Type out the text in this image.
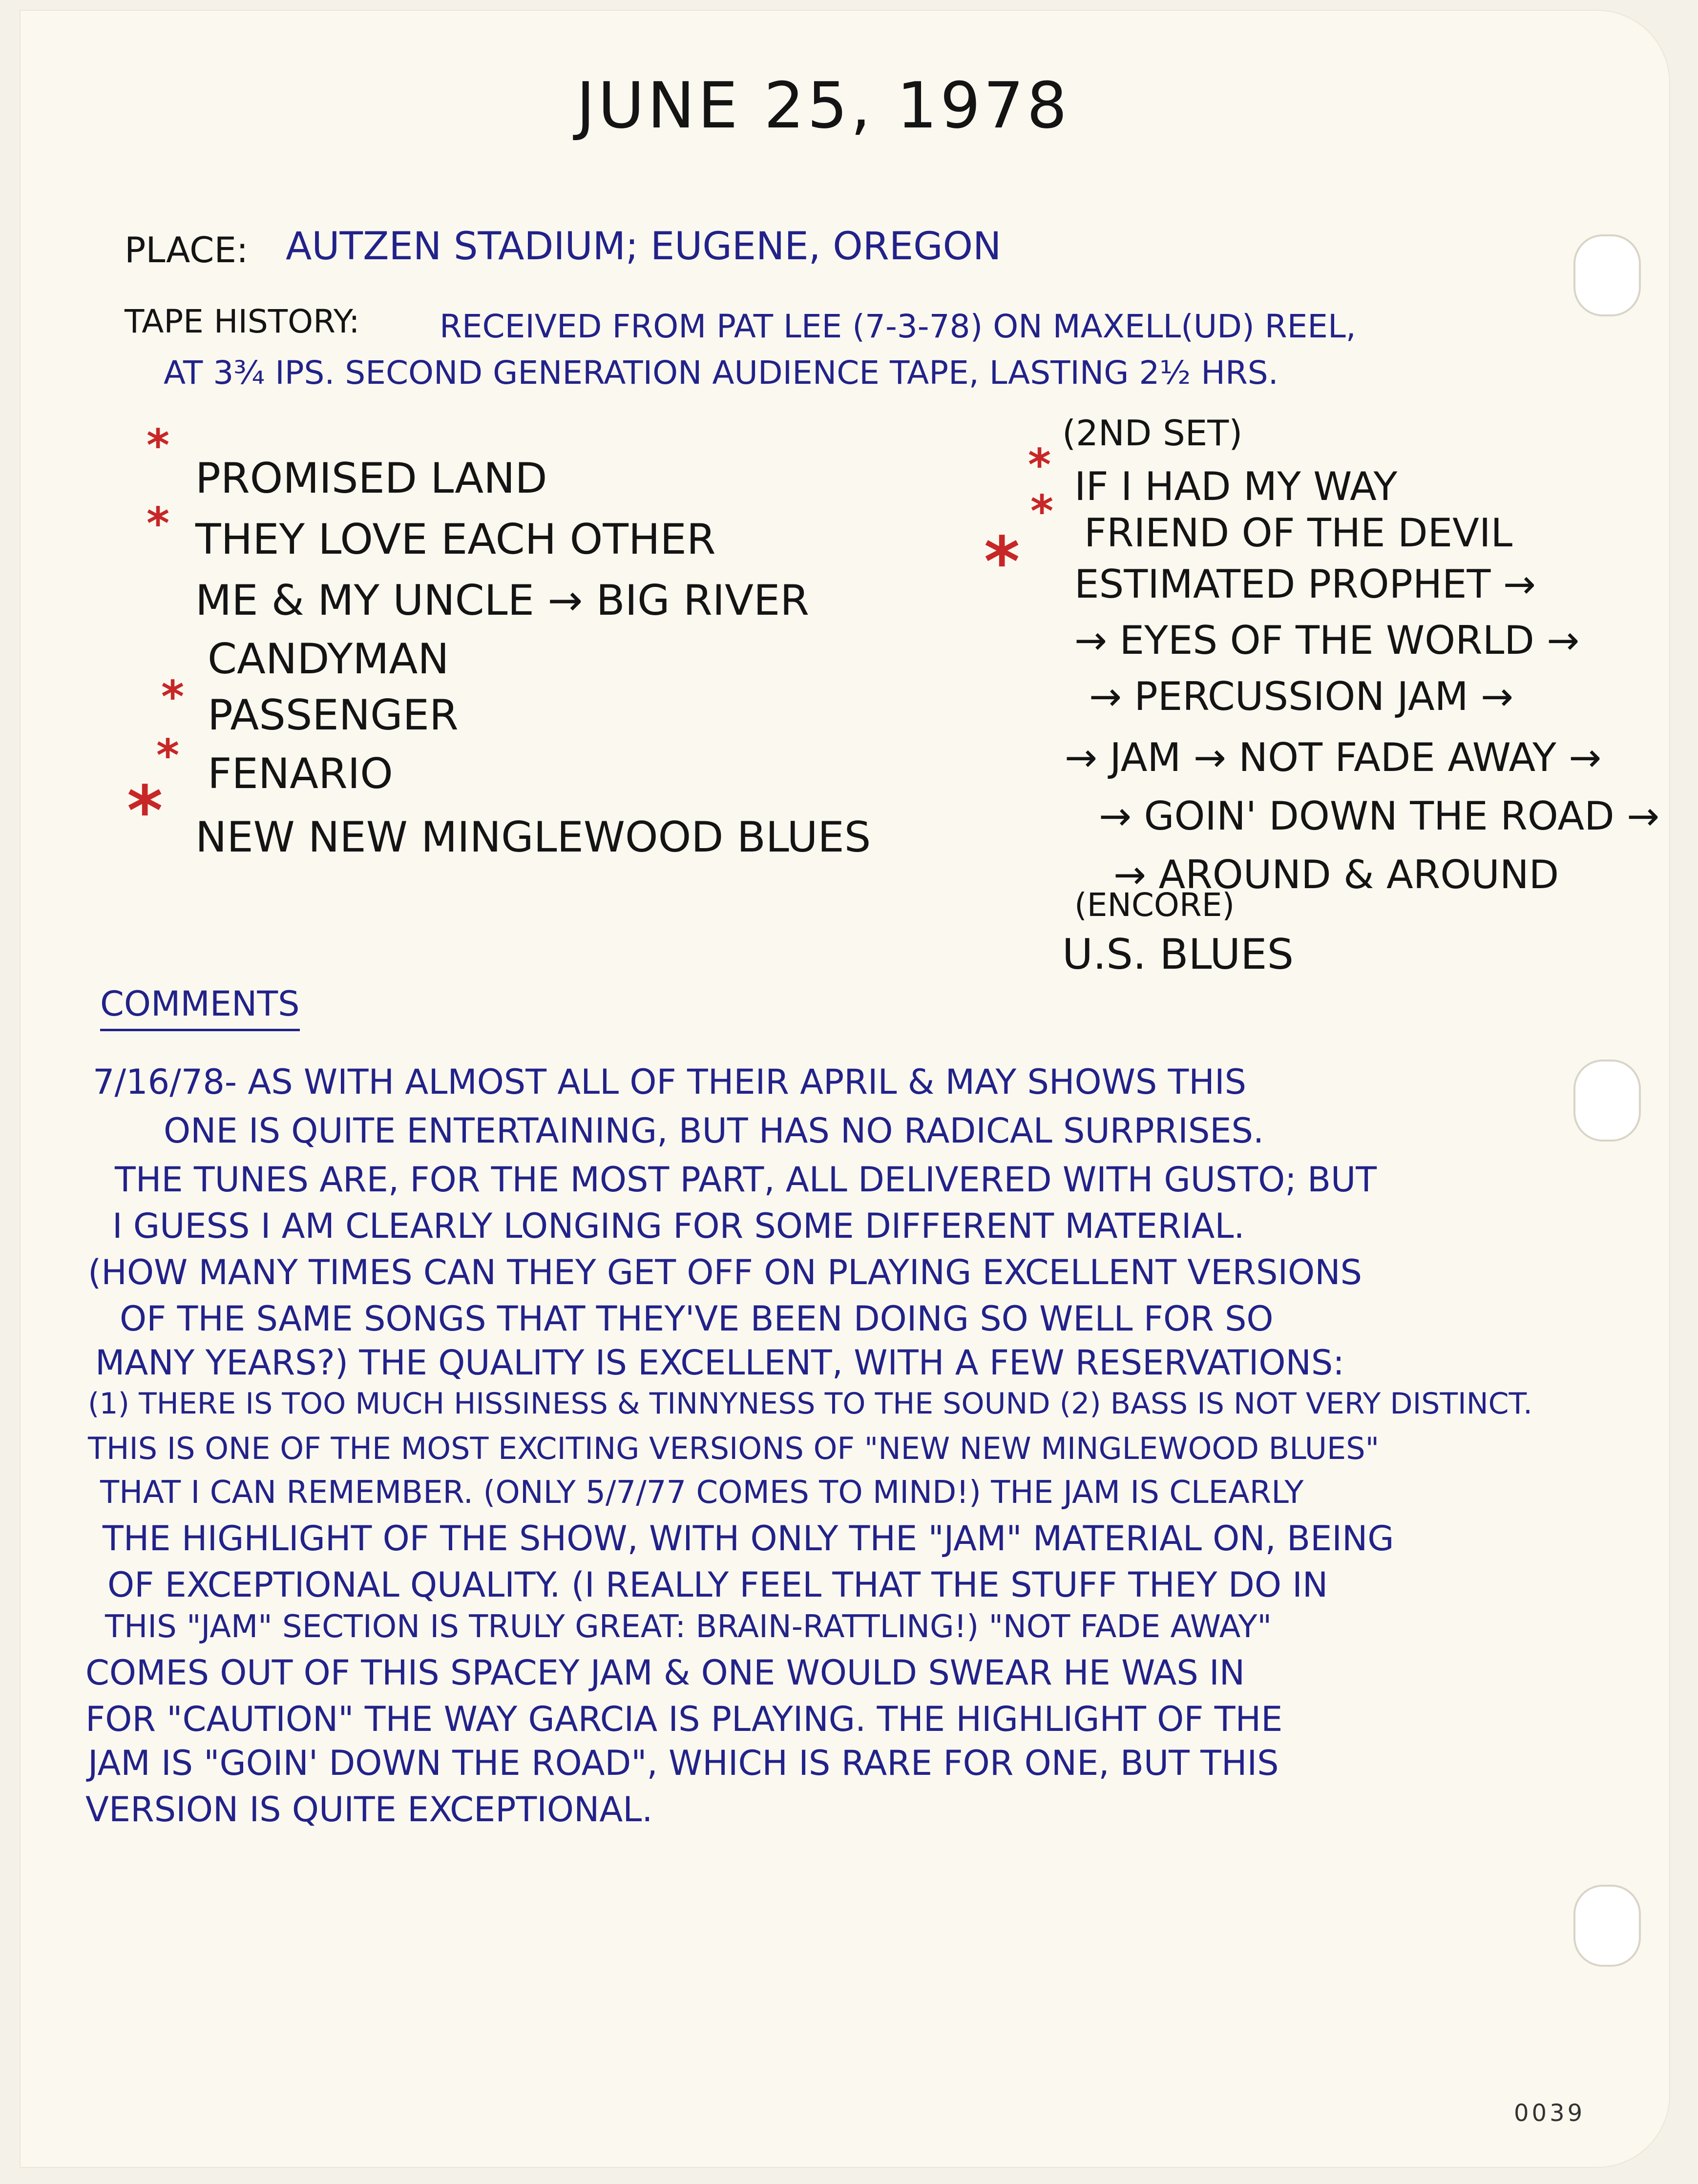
JUNE 25, 1978
PLACE: AUTZEN STADIUM; EUGENE, OREGON
TAPE HISTORY: RECEIVED FROM PAT LEE (7-3-78) ON MAXELL(UD) REEL,
AT 3¾ IPS. SECOND GENERATION AUDIENCE TAPE, LASTING 2½ HRS.
*
PROMISED LAND
* THEY LOVE EACH OTHER
ME & MY UNCLE → BIG RIVER
CANDYMAN
* PASSENGER
* FENARIO
* NEW NEW MINGLEWOOD BLUES
(2ND SET)
* IF I HAD MY WAY
* FRIEND OF THE DEVIL
* ESTIMATED PROPHET →
→ EYES OF THE WORLD →
→ PERCUSSION JAM →
→ JAM → NOT FADE AWAY →
→ GOIN' DOWN THE ROAD →
→ AROUND & AROUND
(ENCORE)
U.S. BLUES
COMMENTS
7/16/78- AS WITH ALMOST ALL OF THEIR APRIL & MAY SHOWS THIS
ONE IS QUITE ENTERTAINING, BUT HAS NO RADICAL SURPRISES.
THE TUNES ARE, FOR THE MOST PART, ALL DELIVERED WITH GUSTO; BUT
I GUESS I AM CLEARLY LONGING FOR SOME DIFFERENT MATERIAL.
(HOW MANY TIMES CAN THEY GET OFF ON PLAYING EXCELLENT VERSIONS
OF THE SAME SONGS THAT THEY'VE BEEN DOING SO WELL FOR SO
MANY YEARS?) THE QUALITY IS EXCELLENT, WITH A FEW RESERVATIONS:
(1) THERE IS TOO MUCH HISSINESS & TINNYNESS TO THE SOUND (2) BASS IS NOT VERY DISTINCT.
THIS IS ONE OF THE MOST EXCITING VERSIONS OF "NEW NEW MINGLEWOOD BLUES"
THAT I CAN REMEMBER. (ONLY 5/7/77 COMES TO MIND!) THE JAM IS CLEARLY
THE HIGHLIGHT OF THE SHOW, WITH ONLY THE "JAM" MATERIAL ON, BEING
OF EXCEPTIONAL QUALITY. (I REALLY FEEL THAT THE STUFF THEY DO IN
THIS "JAM" SECTION IS TRULY GREAT: BRAIN-RATTLING!) "NOT FADE AWAY"
COMES OUT OF THIS SPACEY JAM & ONE WOULD SWEAR HE WAS IN
FOR "CAUTION" THE WAY GARCIA IS PLAYING. THE HIGHLIGHT OF THE
JAM IS "GOIN' DOWN THE ROAD", WHICH IS RARE FOR ONE, BUT THIS
VERSION IS QUITE EXCEPTIONAL.
0039
